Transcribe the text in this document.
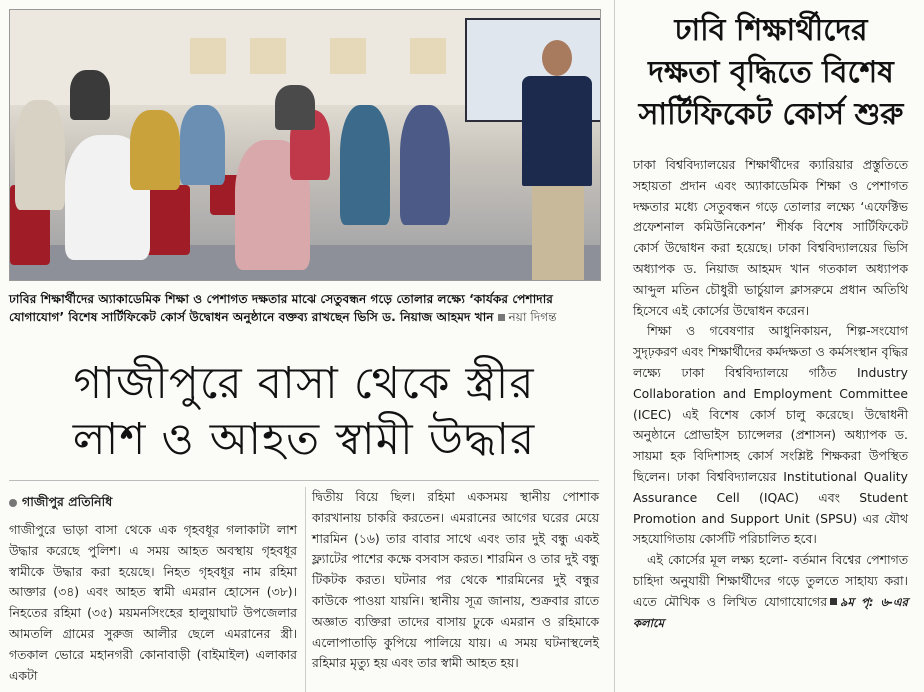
ঢাবির শিক্ষার্থীদের অ্যাকাডেমিক শিক্ষা ও পেশাগত দক্ষতার মাঝে সেতুবন্ধন গড়ে তোলার লক্ষ্যে ‘কার্যকর পেশাদার যোগাযোগ’ বিশেষ সার্টিফিকেট কোর্স উদ্বোধন অনুষ্ঠানে বক্তব্য রাখছেন ভিসি ড. নিয়াজ আহমদ খান নয়া দিগন্ত
গাজীপুরে বাসা থেকে স্ত্রীর
লাশ ও আহত স্বামী উদ্ধার
গাজীপুর প্রতিনিধি
গাজীপুরে ভাড়া বাসা থেকে এক গৃহবধূর গলাকাটা লাশ উদ্ধার করেছে পুলিশ। এ সময় আহত অবস্থায় গৃহবধূর স্বামীকে উদ্ধার করা হয়েছে। নিহত গৃহবধূর নাম রহিমা আক্তার (৩৪) এবং আহত স্বামী এমরান হোসেন (৩৮)। নিহতের রহিমা (৩৫) ময়মনসিংহের হালুয়াঘাট উপজেলার আমতলি গ্রামের সুরুজ আলীর ছেলে এমরানের স্ত্রী। গতকাল ভোরে মহানগরী কোনাবাড়ী (বাইমাইল) এলাকার একটা
দ্বিতীয় বিয়ে ছিল। রহিমা একসময় স্থানীয় পোশাক কারখানায় চাকরি করতেন। এমরানের আগের ঘরের মেয়ে শারমিন (১৬) তার বাবার সাথে এবং তার দুই বন্ধু একই ফ্ল্যাটের পাশের কক্ষে বসবাস করত। শারমিন ও তার দুই বন্ধু টিকটক করত। ঘটনার পর থেকে শারমিনের দুই বন্ধুর কাউকে পাওয়া যায়নি। স্থানীয় সূত্র জানায়, শুক্রবার রাতে অজ্ঞাত ব্যক্তিরা তাদের বাসায় ঢুকে এমরান ও রহিমাকে এলোপাতাড়ি কুপিয়ে পালিয়ে যায়। এ সময় ঘটনাস্থলেই রহিমার মৃত্যু হয় এবং তার স্বামী আহত হয়।
ঢাবি শিক্ষার্থীদের
দক্ষতা বৃদ্ধিতে বিশেষ
সার্টিফিকেট কোর্স শুরু

ঢাকা বিশ্ববিদ্যালয়ের শিক্ষার্থীদের ক্যারিয়ার প্রস্তুতিতে সহায়তা প্রদান এবং অ্যাকাডেমিক শিক্ষা ও পেশাগত দক্ষতার মধ্যে সেতুবন্ধন গড়ে তোলার লক্ষ্যে ‘এফেক্টিভ প্রফেশনাল কমিউনিকেশন’ শীর্ষক বিশেষ সার্টিফিকেট কোর্স উদ্বোধন করা হয়েছে। ঢাকা বিশ্ববিদ্যালয়ের ভিসি অধ্যাপক ড. নিয়াজ আহমদ খান গতকাল অধ্যাপক আব্দুল মতিন চৌধুরী ভার্চুয়াল ক্লাসরুমে প্রধান অতিথি হিসেবে এই কোর্সের উদ্বোধন করেন।

শিক্ষা ও গবেষণার আধুনিকায়ন, শিল্প-সংযোগ সুদৃঢ়করণ এবং শিক্ষার্থীদের কর্মদক্ষতা ও কর্মসংস্থান বৃদ্ধির লক্ষ্যে ঢাকা বিশ্ববিদ্যালয়ে গঠিত Industry Collaboration and Employment Committee (ICEC) এই বিশেষ কোর্স চালু করেছে। উদ্বোধনী অনুষ্ঠানে প্রোভাইস চ্যান্সেলর (প্রশাসন) অধ্যাপক ড. সায়মা হক বিদিশাসহ কোর্স সংশ্লিষ্ট শিক্ষকরা উপস্থিত ছিলেন। ঢাকা বিশ্ববিদ্যালয়ের Institutional Quality Assurance Cell (IQAC) এবং Student Promotion and Support Unit (SPSU) এর যৌথ সহযোগিতায় কোর্সটি পরিচালিত হবে।

এই কোর্সের মূল লক্ষ্য হলো- বর্তমান বিশ্বের পেশাগত চাহিদা অনুযায়ী শিক্ষার্থীদের গড়ে তুলতে সাহায্য করা। এতে মৌখিক ও লিখিত যোগাযোগের ৯ম পৃ: ৬-এর কলামে
